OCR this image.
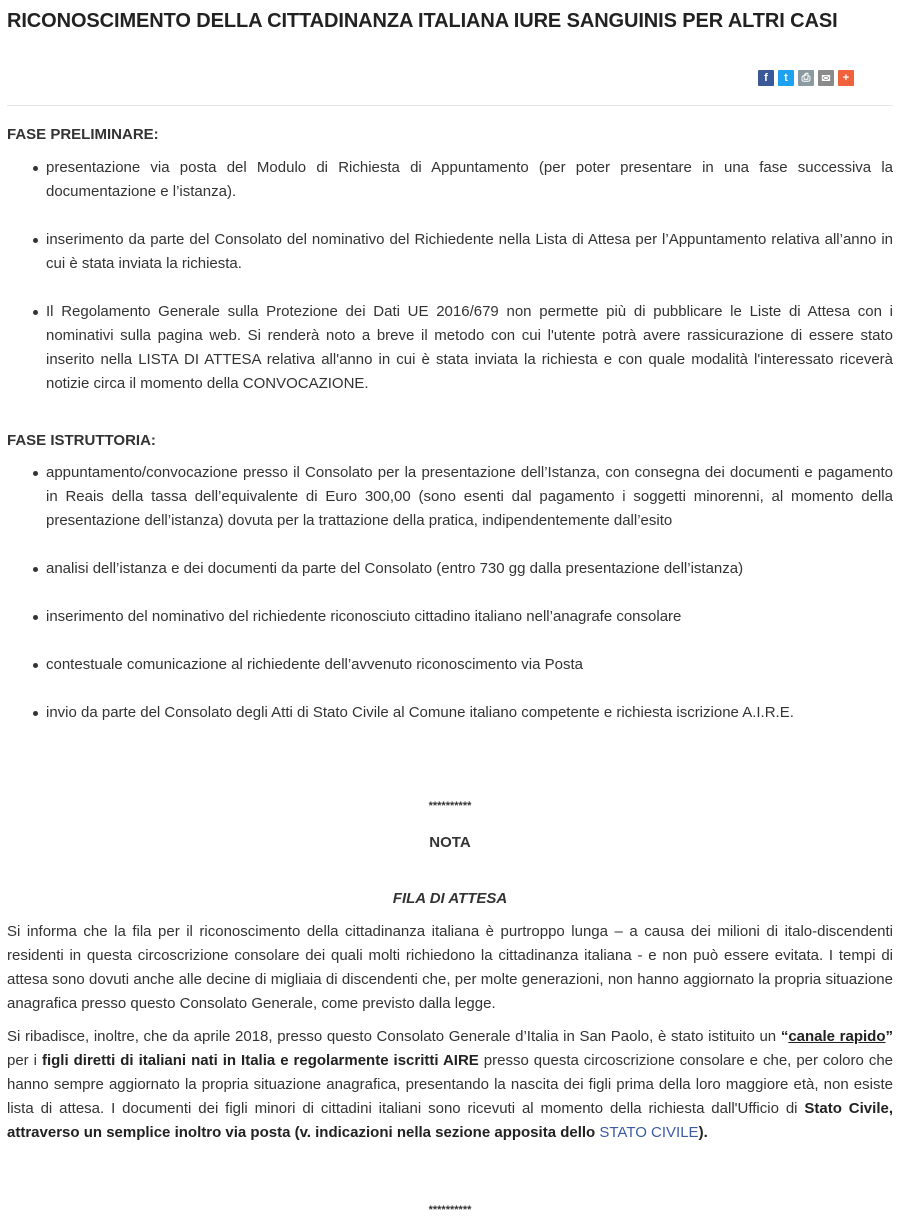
RICONOSCIMENTO DELLA CITTADINANZA ITALIANA IURE SANGUINIS PER ALTRI CASI
f	t	⎙ ✉	+
FASE PRELIMINARE:
presentazione via posta del Modulo di Richiesta di Appuntamento (per poter presentare in una fase successiva la documentazione e l’istanza).
inserimento da parte del Consolato del nominativo del Richiedente nella Lista di Attesa per l’Appuntamento relativa all’anno in cui è stata inviata la richiesta.
Il Regolamento Generale sulla Protezione dei Dati UE 2016/679 non permette più di pubblicare le Liste di Attesa con i nominativi sulla pagina web. Si renderà noto a breve il metodo con cui l'utente potrà avere rassicurazione di essere stato inserito nella LISTA DI ATTESA relativa all'anno in cui è stata inviata la richiesta e con quale modalità l'interessato riceverà notizie circa il momento della CONVOCAZIONE.
FASE ISTRUTTORIA:
appuntamento/convocazione presso il Consolato per la presentazione dell’Istanza, con consegna dei documenti e pagamento in Reais della tassa dell’equivalente di Euro 300,00 (sono esenti dal pagamento i soggetti minorenni, al momento della presentazione dell’istanza) dovuta per la trattazione della pratica, indipendentemente dall’esito
analisi dell’istanza e dei documenti da parte del Consolato (entro 730 gg dalla presentazione dell’istanza)
inserimento del nominativo del richiedente riconosciuto cittadino italiano nell’anagrafe consolare
contestuale comunicazione al richiedente dell’avvenuto riconoscimento via Posta
invio da parte del Consolato degli Atti di Stato Civile al Comune italiano competente e richiesta iscrizione A.I.R.E.
**********
NOTA
FILA DI ATTESA

Si informa che la fila per il riconoscimento della cittadinanza italiana è purtroppo lunga – a causa dei milioni di italo-discendenti residenti in questa circoscrizione consolare dei quali molti richiedono la cittadinanza italiana - e non può essere evitata. I tempi di attesa sono dovuti anche alle decine di migliaia di discendenti che, per molte generazioni, non hanno aggiornato la propria situazione anagrafica presso questo Consolato Generale, come previsto dalla legge.

Si ribadisce, inoltre, che da aprile 2018, presso questo Consolato Generale d’Italia in San Paolo, è stato istituito un “canale rapido” per i figli diretti di italiani nati in Italia e regolarmente iscritti AIRE presso questa circoscrizione consolare e che, per coloro che hanno sempre aggiornato la propria situazione anagrafica, presentando la nascita dei figli prima della loro maggiore età, non esiste lista di attesa. I documenti dei figli minori di cittadini italiani sono ricevuti al momento della richiesta dall'Ufficio di Stato Civile, attraverso un semplice inoltro via posta (v. indicazioni nella sezione apposita dello STATO CIVILE).

**********
